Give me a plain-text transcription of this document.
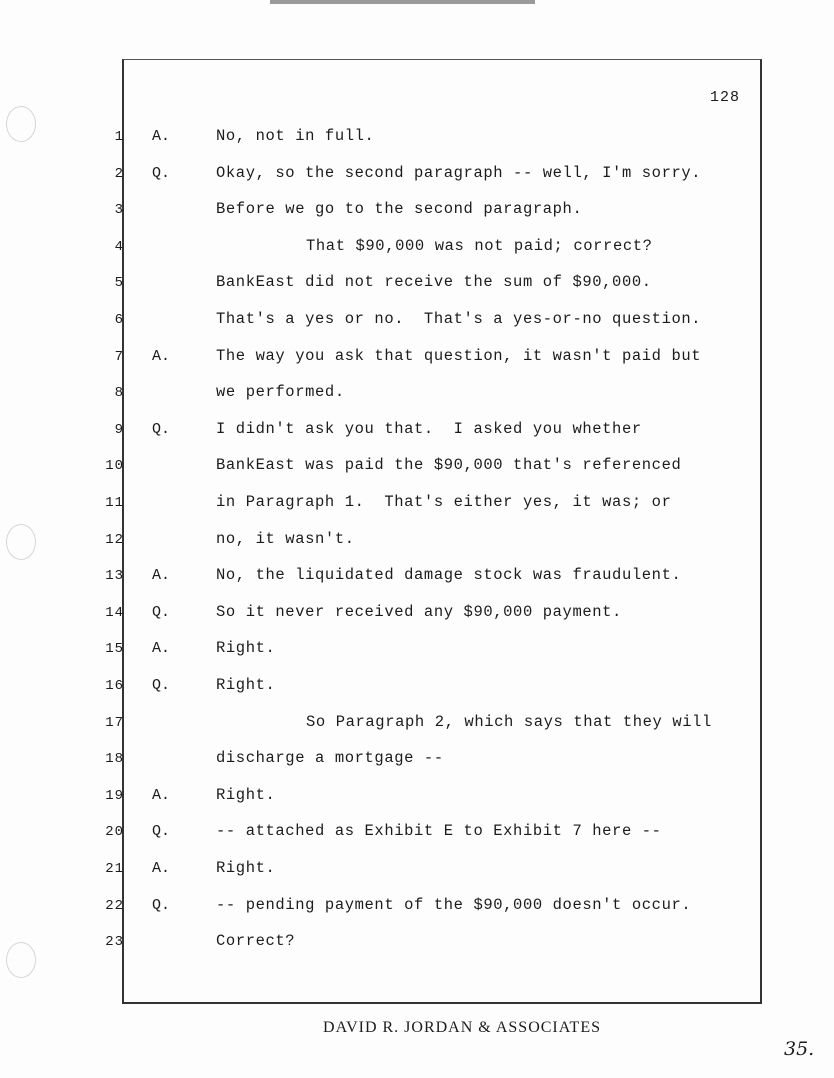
128
1 A.	No, not in full.
2 Q.	Okay, so the second paragraph -- well, I'm sorry.
3	Before we go to the second paragraph.
4	That $90,000 was not paid; correct?
5	BankEast did not receive the sum of $90,000.
6	That's a yes or no.  That's a yes-or-no question.
7 A.	The way you ask that question, it wasn't paid but
8	we performed.
9 Q.	I didn't ask you that.  I asked you whether
10	BankEast was paid the $90,000 that's referenced
11	in Paragraph 1.  That's either yes, it was; or
12	no, it wasn't.
13 A.	No, the liquidated damage stock was fraudulent.
14 Q.	So it never received any $90,000 payment.
15 A.	Right.
16 Q.	Right.
17	So Paragraph 2, which says that they will
18	discharge a mortgage --
19 A.	Right.
20 Q.	-- attached as Exhibit E to Exhibit 7 here --
21 A.	Right.
22 Q.	-- pending payment of the $90,000 doesn't occur.
23	Correct?
DAVID R. JORDAN & ASSOCIATES
35.
